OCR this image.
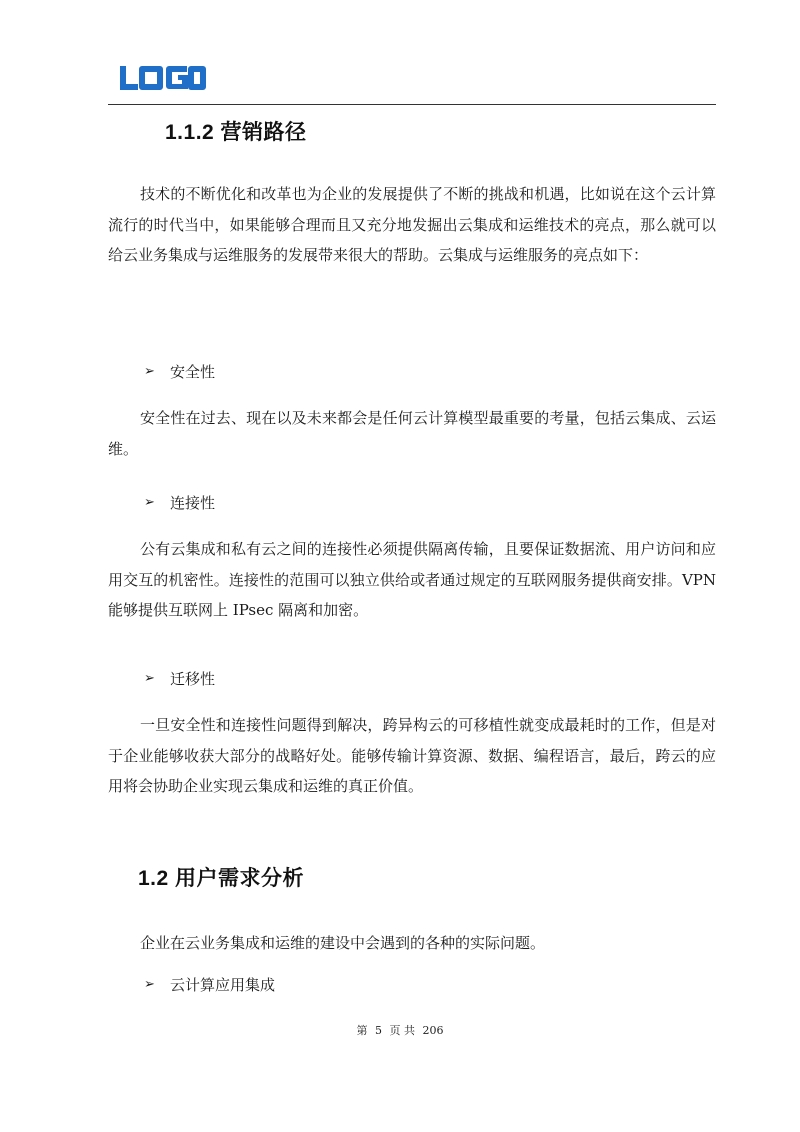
1.1.2 营销路径

技术的不断优化和改革也为企业的发展提供了不断的挑战和机遇，比如说在这个云计算流行的时代当中，如果能够合理而且又充分地发掘出云集成和运维技术的亮点，那么就可以给云业务集成与运维服务的发展带来很大的帮助。云集成与运维服务的亮点如下：

➢	安全性

安全性在过去、现在以及未来都会是任何云计算模型最重要的考量，包括云集成、云运维。

➢	连接性

公有云集成和私有云之间的连接性必须提供隔离传输，且要保证数据流、用户访问和应用交互的机密性。连接性的范围可以独立供给或者通过规定的互联网服务提供商安排。VPN 能够提供互联网上 IPsec 隔离和加密。

➢	迁移性

一旦安全性和连接性问题得到解决，跨异构云的可移植性就变成最耗时的工作，但是对于企业能够收获大部分的战略好处。能够传输计算资源、数据、编程语言，最后，跨云的应用将会协助企业实现云集成和运维的真正价值。

1.2 用户需求分析

企业在云业务集成和运维的建设中会遇到的各种的实际问题。

➢	云计算应用集成
第 5 页 共 206
